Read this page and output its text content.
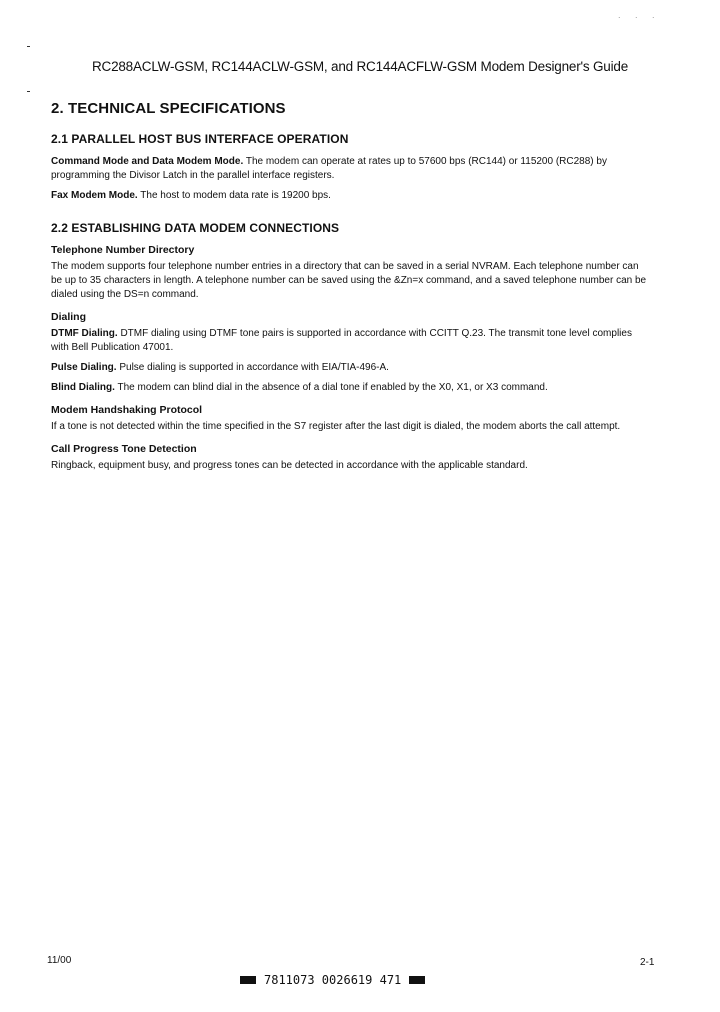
. . .
RC288ACLW-GSM, RC144ACLW-GSM, and RC144ACFLW-GSM Modem Designer's Guide
2. TECHNICAL SPECIFICATIONS
2.1 PARALLEL HOST BUS INTERFACE OPERATION

Command Mode and Data Modem Mode. The modem can operate at rates up to 57600 bps (RC144) or 115200 (RC288) by programming the Divisor Latch in the parallel interface registers.

Fax Modem Mode. The host to modem data rate is 19200 bps.

2.2 ESTABLISHING DATA MODEM CONNECTIONS
Telephone Number Directory

The modem supports four telephone number entries in a directory that can be saved in a serial NVRAM. Each telephone number can be up to 35 characters in length. A telephone number can be saved using the &Zn=x command, and a saved telephone number can be dialed using the DS=n command.

Dialing

DTMF Dialing. DTMF dialing using DTMF tone pairs is supported in accordance with CCITT Q.23. The transmit tone level complies with Bell Publication 47001.

Pulse Dialing. Pulse dialing is supported in accordance with EIA/TIA-496-A.

Blind Dialing. The modem can blind dial in the absence of a dial tone if enabled by the X0, X1, or X3 command.

Modem Handshaking Protocol

If a tone is not detected within the time specified in the S7 register after the last digit is dialed, the modem aborts the call attempt.

Call Progress Tone Detection

Ringback, equipment busy, and progress tones can be detected in accordance with the applicable standard.

11/00	2-1
7811073 0026619 471
